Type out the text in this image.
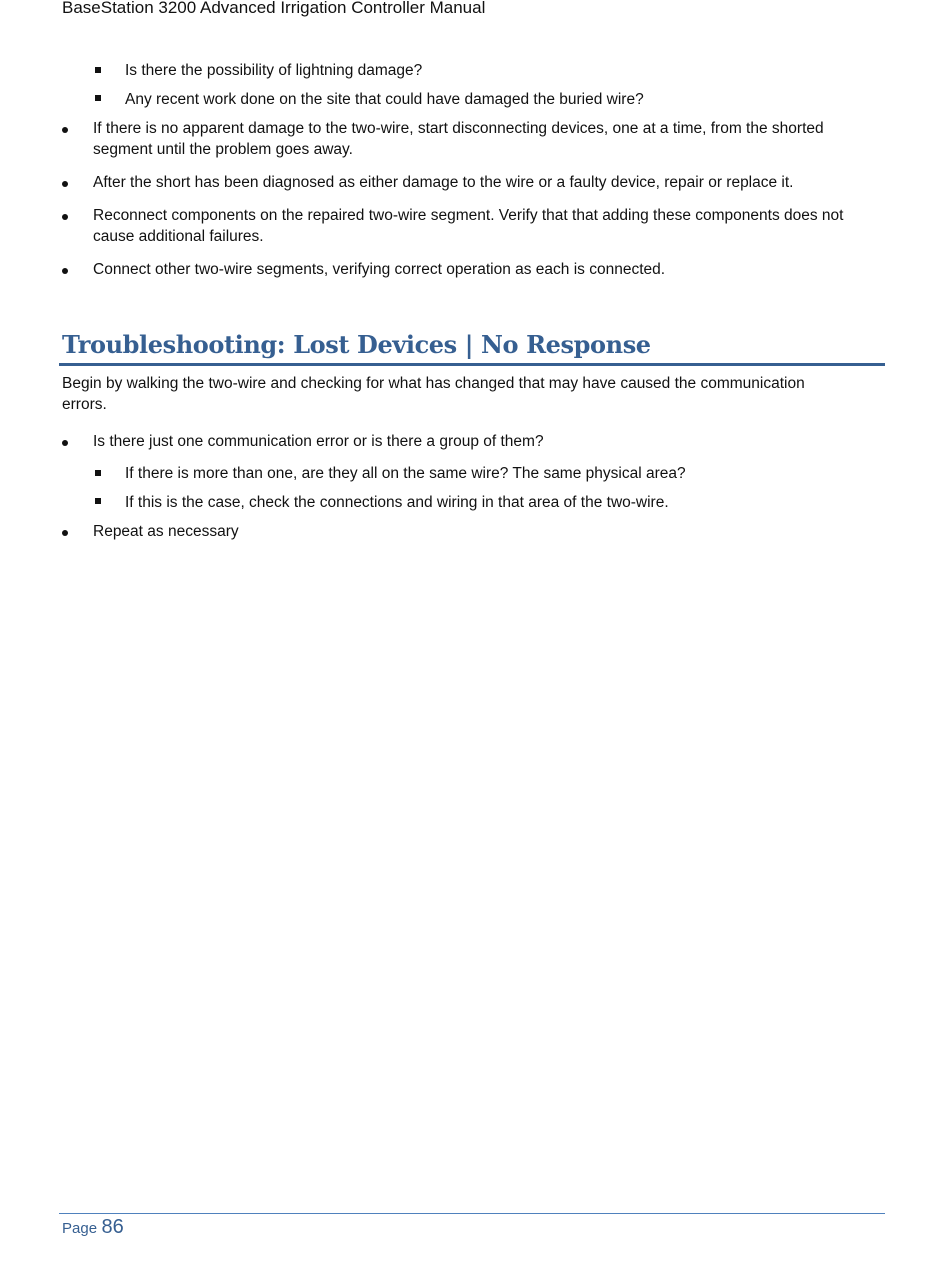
BaseStation 3200 Advanced Irrigation Controller Manual
Is there the possibility of lightning damage?
Any recent work done on the site that could have damaged the buried wire?
If there is no apparent damage to the two-wire, start disconnecting devices, one at a time, from the shorted
segment until the problem goes away.
After the short has been diagnosed as either damage to the wire or a faulty device, repair or replace it.
Reconnect components on the repaired two-wire segment. Verify that that adding these components does not
cause additional failures.
Connect other two-wire segments, verifying correct operation as each is connected.
Troubleshooting: Lost Devices | No Response
Begin by walking the two-wire and checking for what has changed that may have caused the communication
errors.
Is there just one communication error or is there a group of them?
If there is more than one, are they all on the same wire? The same physical area?
If this is the case, check the connections and wiring in that area of the two-wire.
Repeat as necessary
Page 86
